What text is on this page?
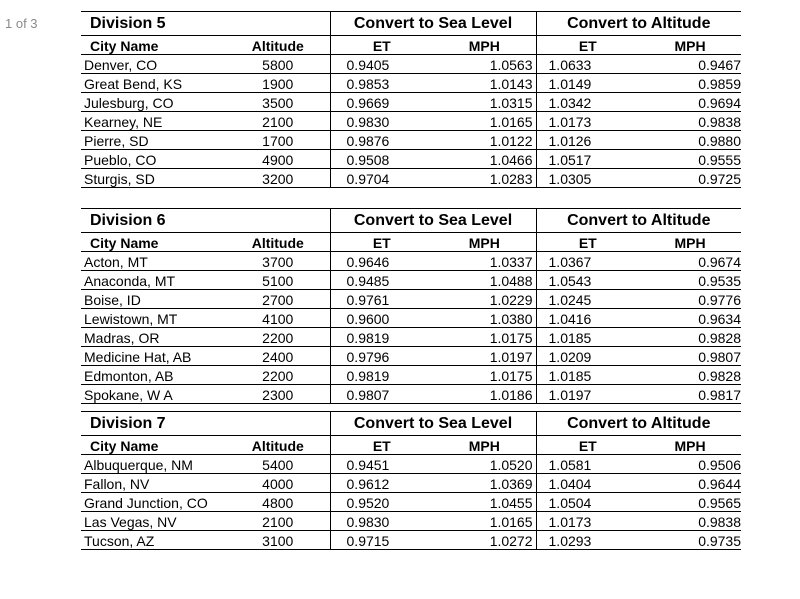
1 of 3	Division 5		Convert to Sea Level		Convert to Altitude	
City Name	Altitude	ET	MPH	ET	MPH
Denver, CO	5800	0.9405	1.0563	1.0633	0.9467
Great Bend, KS	1900	0.9853	1.0143	1.0149	0.9859
Julesburg, CO	3500	0.9669	1.0315	1.0342	0.9694
Kearney, NE	2100	0.9830	1.0165	1.0173	0.9838
Pierre, SD	1700	0.9876	1.0122	1.0126	0.9880
Pueblo, CO	4900	0.9508	1.0466	1.0517	0.9555
Sturgis, SD	3200	0.9704	1.0283	1.0305	0.9725
Division 6		Convert to Sea Level		Convert to Altitude	
City Name	Altitude	ET	MPH	ET	MPH
Acton, MT	3700	0.9646	1.0337	1.0367	0.9674
Anaconda, MT	5100	0.9485	1.0488	1.0543	0.9535
Boise, ID	2700	0.9761	1.0229	1.0245	0.9776
Lewistown, MT	4100	0.9600	1.0380	1.0416	0.9634
Madras, OR	2200	0.9819	1.0175	1.0185	0.9828
Medicine Hat, AB	2400	0.9796	1.0197	1.0209	0.9807
Edmonton, AB	2200	0.9819	1.0175	1.0185	0.9828
Spokane, W A	2300	0.9807	1.0186	1.0197	0.9817
Division 7		Convert to Sea Level		Convert to Altitude	
City Name	Altitude	ET	MPH	ET	MPH
Albuquerque, NM	5400	0.9451	1.0520	1.0581	0.9506
Fallon, NV	4000	0.9612	1.0369	1.0404	0.9644
Grand Junction, CO	4800	0.9520	1.0455	1.0504	0.9565
Las Vegas, NV	2100	0.9830	1.0165	1.0173	0.9838
Tucson, AZ	3100	0.9715	1.0272	1.0293	0.9735
